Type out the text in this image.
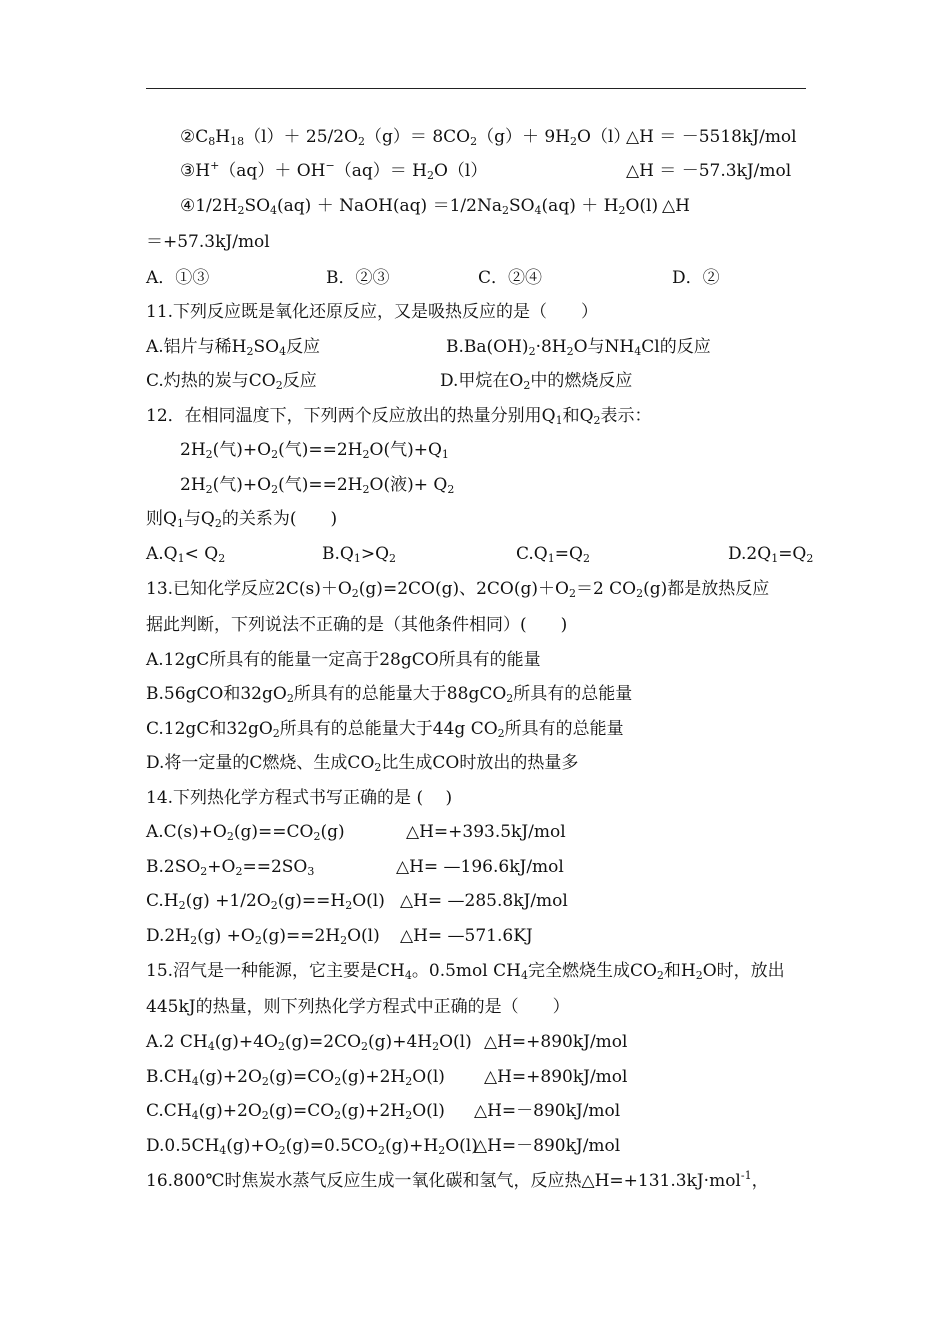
$②C_8H_{18}(l)+ 25/2O_2(g)= 8CO_2(g)+ 9H_2O(l)$
△H ＝ －5518kJ/mol
③H+（aq）＋ $OH^-(aq)= H_2O(l)$	△H ＝ －57.3kJ/mol
$④1/2H_2SO_4(aq)$ ＋ NaOH(aq) $=1/2Na_2SO_4(aq) + H_2O(l)$ △H
＝+57.3kJ/mol
A．①③	B．②③	C．②④	D．②
11.下列反应既是氧化还原反应，又是吸热反应的是（　　）
A.铝片与稀$H_2SO_4$反应	$B.Ba(OH)_2\cdot 8H_2O$与$NH_4Cl$的反应
C.灼热的炭与$CO_2$反应	D.甲烷在$O_2$中的燃烧反应
12．在相同温度下，下列两个反应放出的热量分别用$Q_1$和$Q_2$表示：
$2H_2$(气)$+O_2$(气)$==2H_2O$(气)$+Q_1$
$2H_2$(气)$+O_2$(气)$==2H_2O$(液)+ $Q_2$
则$Q_1$与$Q_2$的关系为(　　)
$A.Q_1< Q_2$	$B.Q_1>Q_2$	$C.Q_1=Q_2$	$D.2Q_1=Q_2$
13.已知化学反应$2C(s)+O_2(g)=2CO(g)$、$2CO(g)+O_2=2$ $CO_2(g)$都是放热反应
据此判断，下列说法不正确的是（其他条件相同）(　　)
A.12gC所具有的能量一定高于28gCO所具有的能量
B.56gCO和$32gO_2$所具有的总能量大于88gCO$_2$所具有的总能量
C.12gC和$32gO_2$所具有的总能量大于44g $CO_2$所具有的总能量
D.将一定量的C燃烧、生成$CO_2$比生成CO时放出的热量多
14.下列热化学方程式书写正确的是 (　 )
$A.C(s)+O_2(g)==CO_2(g)$	△H=+393.5kJ/mol
$B.2SO_2+O_2==2SO_3$	△H= —196.6kJ/mol
$C.H_2(g) +1/2O_2(g)==H_2O(l)$ △H= —285.8kJ/mol
$D.2H_2(g) +O_2(g)==2H_2O(l)$ △H= —571.6KJ
15.沼气是一种能源，它主要是$CH_4$。0.5mol $CH_4$完全燃烧生成$CO_2$和$H_2O$时，放出
445kJ的热量，则下列热化学方程式中正确的是（　　）
A.2 $CH_4(g)+4O_2(g)=2CO_2(g)+4H_2O(l)$ △H=+890kJ/mol
$B.CH_4(g)+2O_2(g)=CO_2(g)+2H_2O(l)$ △H=+890kJ/mol
$C.CH_4(g)+2O_2(g)=CO_2(g)+2H_2O(l)$ △H=－890kJ/mol
$D.0.5CH_4(g)+O_2(g)=0.5CO_2(g)+H_2O(l)$
△H=－890kJ/mol
16.800℃时焦炭水蒸气反应生成一氧化碳和氢气，反应热△H=+131.3kJ·mol$^{-1}$，
